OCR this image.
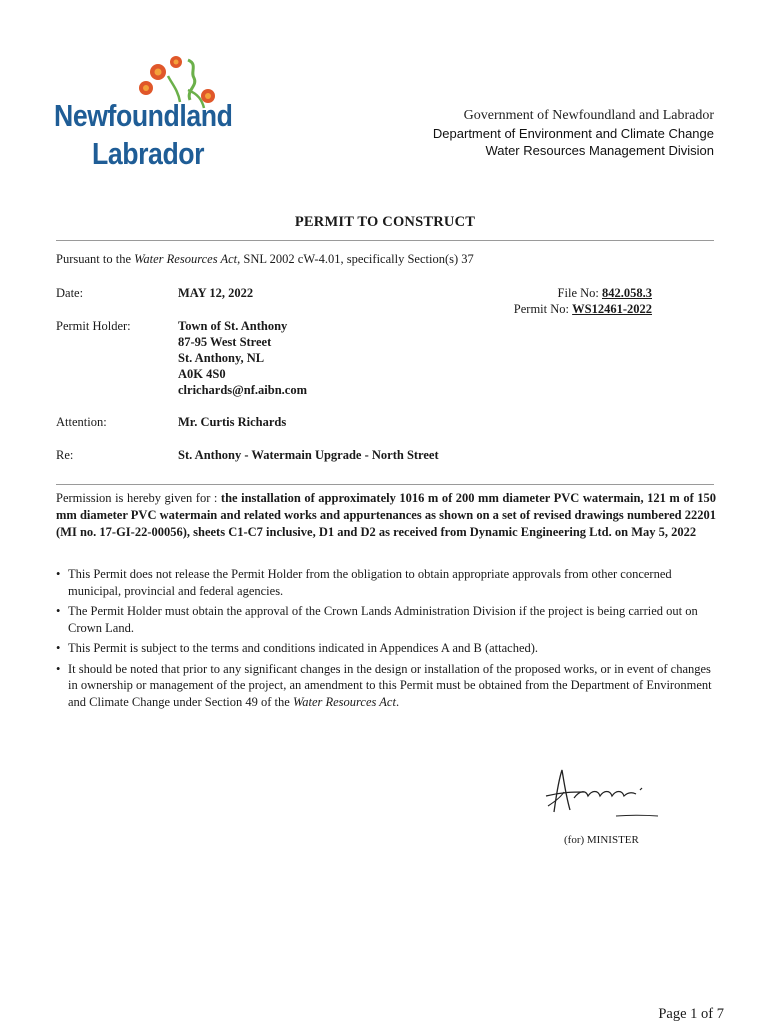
Newfoundland
Labrador
Government of Newfoundland and Labrador
Department of Environment and Climate Change
Water Resources Management Division
PERMIT TO CONSTRUCT
Pursuant to the Water Resources Act, SNL 2002 cW-4.01, specifically Section(s) 37
Date:	MAY 12, 2022	File No: 842.058.3
Permit No: WS12461-2022
Permit Holder:	Town of St. Anthony
87-95 West Street
St. Anthony, NL
A0K 4S0
clrichards@nf.aibn.com
Attention:	Mr. Curtis Richards
Re:	St. Anthony - Watermain Upgrade - North Street
Permission is hereby given for : the installation of approximately 1016 m of 200 mm diameter PVC watermain, 121 m of 150 mm diameter PVC watermain and related works and appurtenances as shown on a set of revised drawings numbered 22201 (MI no. 17-GI-22-00056), sheets C1-C7 inclusive, D1 and D2 as received from Dynamic Engineering Ltd. on May 5, 2022
• This Permit does not release the Permit Holder from the obligation to obtain appropriate approvals from other concerned municipal, provincial and federal agencies.
• The Permit Holder must obtain the approval of the Crown Lands Administration Division if the project is being carried out on Crown Land.
• This Permit is subject to the terms and conditions indicated in Appendices A and B (attached).
• It should be noted that prior to any significant changes in the design or installation of the proposed works, or in event of changes in ownership or management of the project, an amendment to this Permit must be obtained from the Department of Environment and Climate Change under Section 49 of the Water Resources Act.
(for) MINISTER
Page 1 of 7
